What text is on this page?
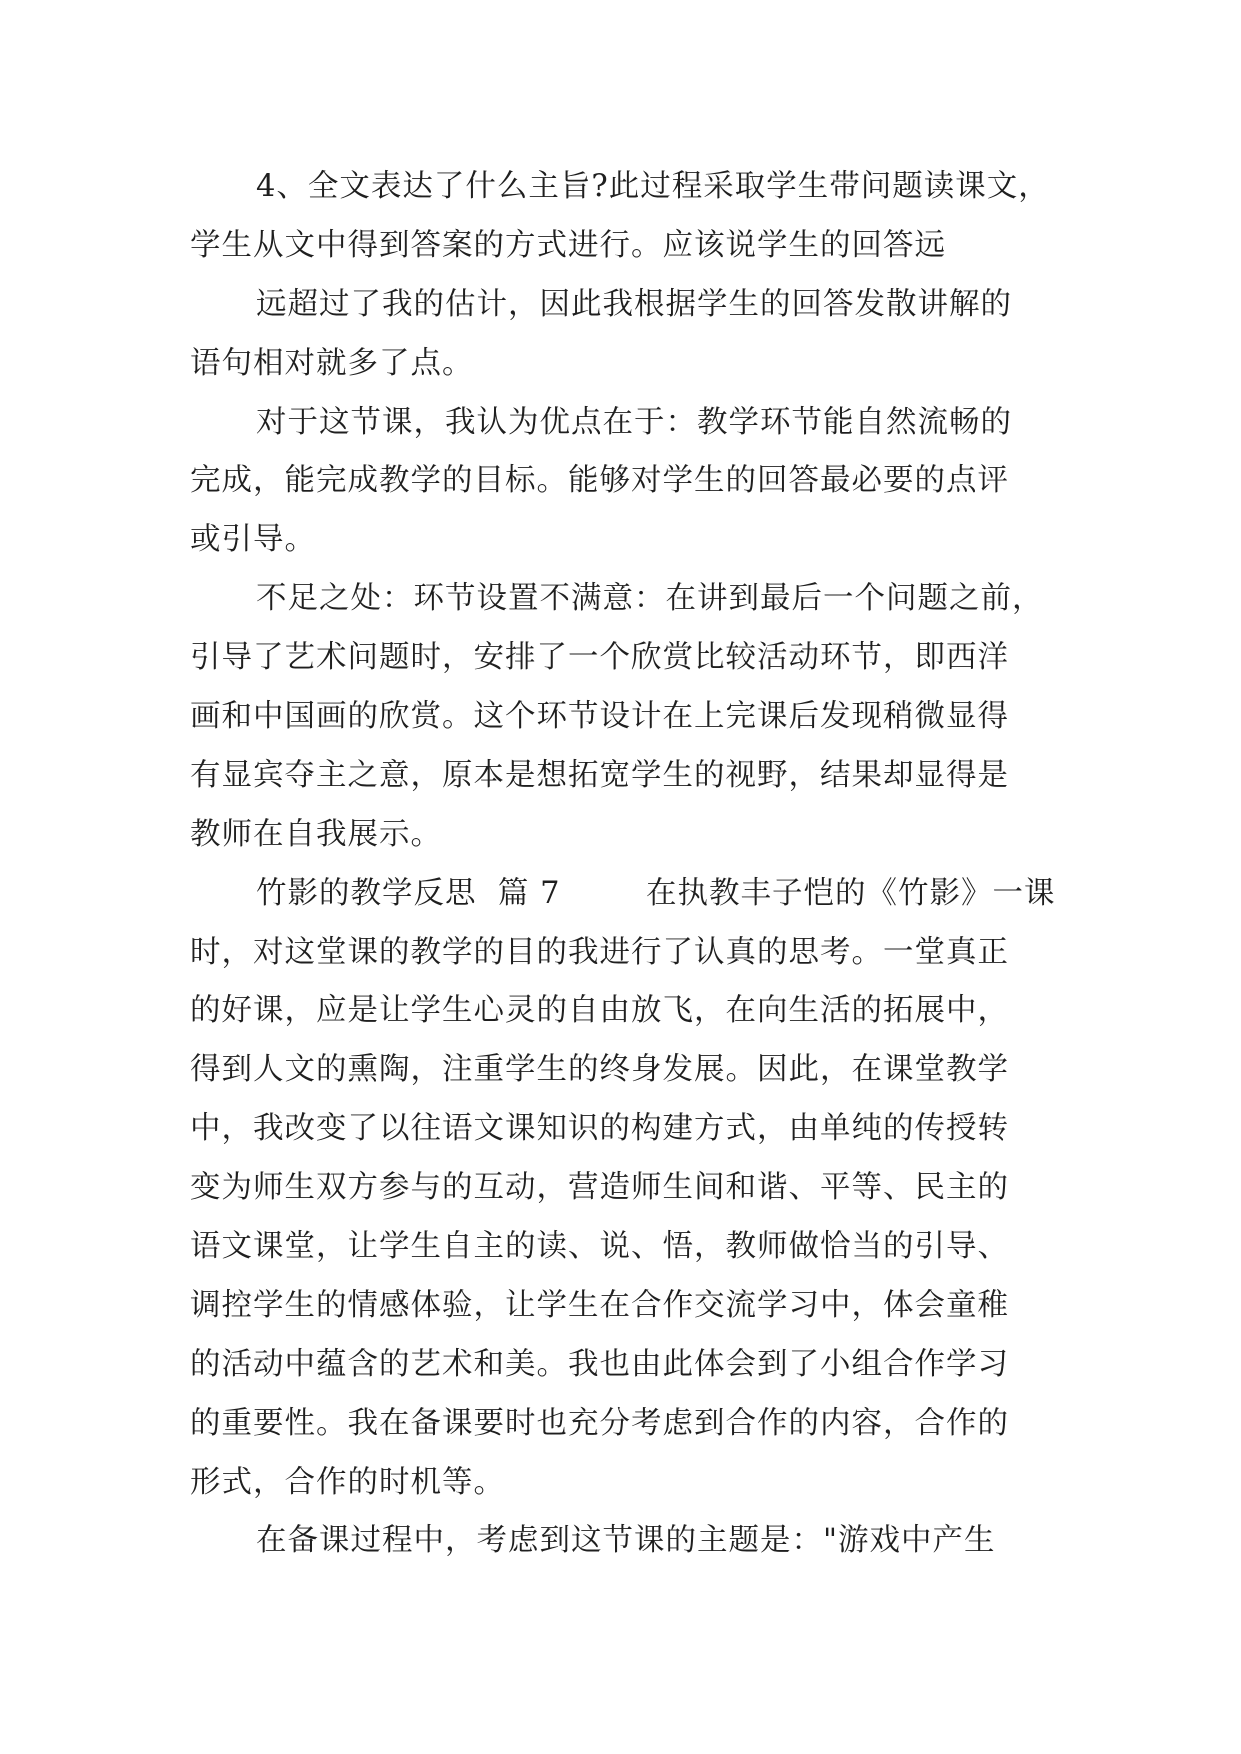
4、全文表达了什么主旨?此过程采取学生带问题读课文，
学生从文中得到答案的方式进行。应该说学生的回答远
远超过了我的估计，因此我根据学生的回答发散讲解的
语句相对就多了点。
对于这节课，我认为优点在于：教学环节能自然流畅的
完成，能完成教学的目标。能够对学生的回答最必要的点评
或引导。
不足之处：环节设置不满意：在讲到最后一个问题之前，
引导了艺术问题时，安排了一个欣赏比较活动环节，即西洋
画和中国画的欣赏。这个环节设计在上完课后发现稍微显得
有显宾夺主之意，原本是想拓宽学生的视野，结果却显得是
教师在自我展示。
竹影的教学反思  篇 7        在执教丰子恺的《竹影》一课
时，对这堂课的教学的目的我进行了认真的思考。一堂真正
的好课，应是让学生心灵的自由放飞，在向生活的拓展中，
得到人文的熏陶，注重学生的终身发展。因此，在课堂教学
中，我改变了以往语文课知识的构建方式，由单纯的传授转
变为师生双方参与的互动，营造师生间和谐、平等、民主的
语文课堂，让学生自主的读、说、悟，教师做恰当的引导、
调控学生的情感体验，让学生在合作交流学习中，体会童稚
的活动中蕴含的艺术和美。我也由此体会到了小组合作学习
的重要性。我在备课要时也充分考虑到合作的内容，合作的
形式，合作的时机等。
在备课过程中，考虑到这节课的主题是："游戏中产生
